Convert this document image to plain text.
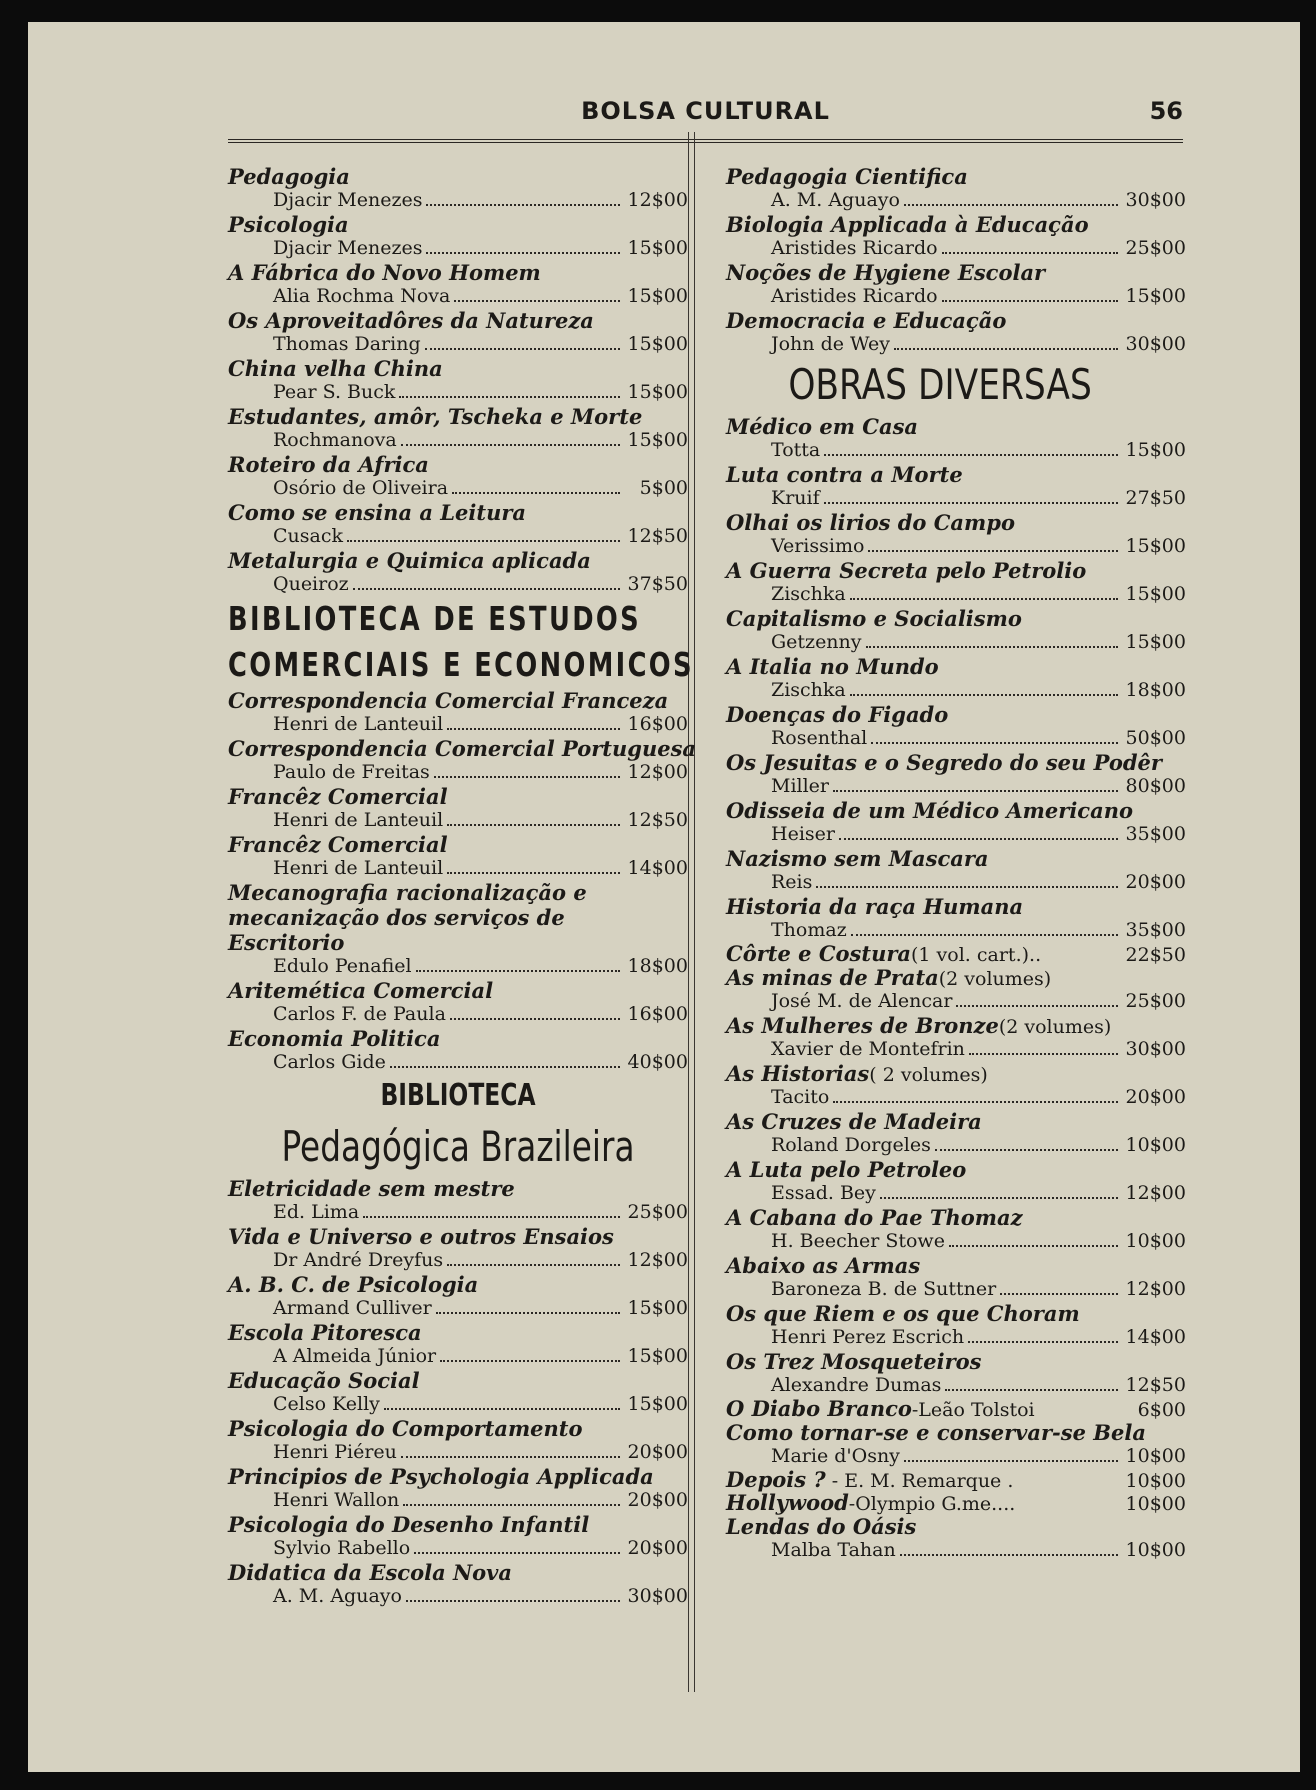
BOLSA CULTURAL	56
Pedagogia
Djacir Menezes	12$00
Psicologia
Djacir Menezes	15$00
A Fábrica do Novo Homem
Alia Rochma Nova	15$00
Os Aproveitadôres da Natureza
Thomas Daring	15$00
China velha China
Pear S. Buck	15$00
Estudantes, amôr, Tscheka e Morte
Rochmanova	15$00
Roteiro da Africa
Osório de Oliveira	5$00
Como se ensina a Leitura
Cusack	12$50
Metalurgia e Quimica aplicada
Queiroz	37$50
BIBLIOTECA DE ESTUDOS
COMERCIAIS E ECONOMICOS
Correspondencia Comercial Franceza
Henri de Lanteuil	16$00
Correspondencia Comercial Portuguesa
Paulo de Freitas	12$00
Francêz Comercial
Henri de Lanteuil	12$50
Francêz Comercial
Henri de Lanteuil	14$00
Mecanografia racionalização e mecanização dos serviços de Escritorio
Edulo Penafiel	18$00
Aritemética Comercial
Carlos F. de Paula	16$00
Economia Politica
Carlos Gide	40$00
BIBLIOTECA
Pedagógica Brazileira
Eletricidade sem mestre
Ed. Lima	25$00
Vida e Universo e outros Ensaios
Dr André Dreyfus	12$00
A. B. C. de Psicologia
Armand Culliver	15$00
Escola Pitoresca
A Almeida Júnior	15$00
Educação Social
Celso Kelly	15$00
Psicologia do Comportamento
Henri Piéreu	20$00
Principios de Psychologia Applicada
Henri Wallon	20$00
Psicologia do Desenho Infantil
Sylvio Rabello	20$00
Didatica da Escola Nova
A. M. Aguayo	30$00
Pedagogia Cientifica
A. M. Aguayo	30$00
Biologia Applicada à Educação
Aristides Ricardo	25$00
Noções de Hygiene Escolar
Aristides Ricardo	15$00
Democracia e Educação
John de Wey	30$00
OBRAS DIVERSAS
Médico em Casa
Totta	15$00
Luta contra a Morte
Kruif	27$50
Olhai os lirios do Campo
Verissimo	15$00
A Guerra Secreta pelo Petrolio
Zischka	15$00
Capitalismo e Socialismo
Getzenny	15$00
A Italia no Mundo
Zischka	18$00
Doenças do Figado
Rosenthal	50$00
Os Jesuitas e o Segredo do seu Podêr
Miller	80$00
Odisseia de um Médico Americano
Heiser	35$00
Nazismo sem Mascara
Reis	20$00
Historia da raça Humana
Thomaz	35$00
Côrte e Costura(1 vol. cart.)..	22$50
As minas de Prata(2 volumes)
José M. de Alencar	25$00
As Mulheres de Bronze(2 volumes)
Xavier de Montefrin	30$00
As Historias( 2 volumes)
Tacito	20$00
As Cruzes de Madeira
Roland Dorgeles	10$00
A Luta pelo Petroleo
Essad. Bey	12$00
A Cabana do Pae Thomaz
H. Beecher Stowe	10$00
Abaixo as Armas
Baroneza B. de Suttner	12$00
Os que Riem e os que Choram
Henri Perez Escrich	14$00
Os Trez Mosqueteiros
Alexandre Dumas	12$50
O Diabo Branco-Leão Tolstoi	6$00
Como tornar-se e conservar-se Bela
Marie d'Osny	10$00
Depois ? - E. M. Remarque .	10$00
Hollywood-Olympio G.me....	10$00
Lendas do Oásis
Malba Tahan	10$00
